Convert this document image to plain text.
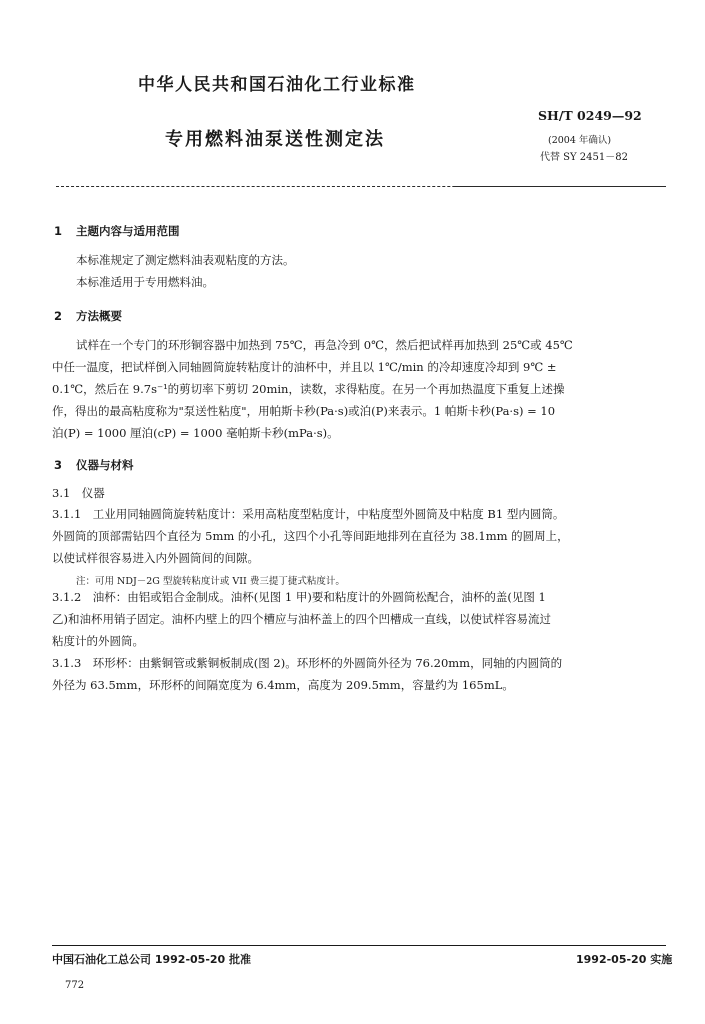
中华人民共和国石油化工行业标准
专用燃料油泵送性测定法
SH/T 0249—92
(2004 年确认)
代替 SY 2451－82
1 主题内容与适用范围
本标准规定了测定燃料油表观粘度的方法。
本标准适用于专用燃料油。
2 方法概要
试样在一个专门的环形铜容器中加热到 75℃，再急冷到 0℃，然后把试样再加热到 25℃或 45℃
中任一温度，把试样倒入同轴圆筒旋转粘度计的油杯中，并且以 1℃/min 的冷却速度冷却到 9℃ ±
0.1℃，然后在 9.7s⁻¹的剪切率下剪切 20min，读数，求得粘度。在另一个再加热温度下重复上述操
作，得出的最高粘度称为"泵送性粘度"，用帕斯卡秒(Pa·s)或泊(P)来表示。1 帕斯卡秒(Pa·s) = 10
泊(P) = 1000 厘泊(cP) = 1000 毫帕斯卡秒(mPa·s)。
3 仪器与材料
3.1　仪器
3.1.1　工业用同轴圆筒旋转粘度计：采用高粘度型粘度计，中粘度型外圆筒及中粘度 B1 型内圆筒。
外圆筒的顶部需钻四个直径为 5mm 的小孔，这四个小孔等间距地排列在直径为 38.1mm 的圆周上，
以使试样很容易进入内外圆筒间的间隙。
注：可用 NDJ－2G 型旋转粘度计或 VII 费三提丁捷式粘度计。
3.1.2　油杯：由铝或铝合金制成。油杯(见图 1 甲)要和粘度计的外圆筒松配合，油杯的盖(见图 1
乙)和油杯用销子固定。油杯内壁上的四个槽应与油杯盖上的四个凹槽成一直线，以使试样容易流过
粘度计的外圆筒。
3.1.3　环形杯：由紫铜管或紫铜板制成(图 2)。环形杯的外圆筒外径为 76.20mm，同轴的内圆筒的
外径为 63.5mm，环形杯的间隔宽度为 6.4mm，高度为 209.5mm，容量约为 165mL。
中国石油化工总公司 1992-05-20 批准	1992-05-20 实施
772
